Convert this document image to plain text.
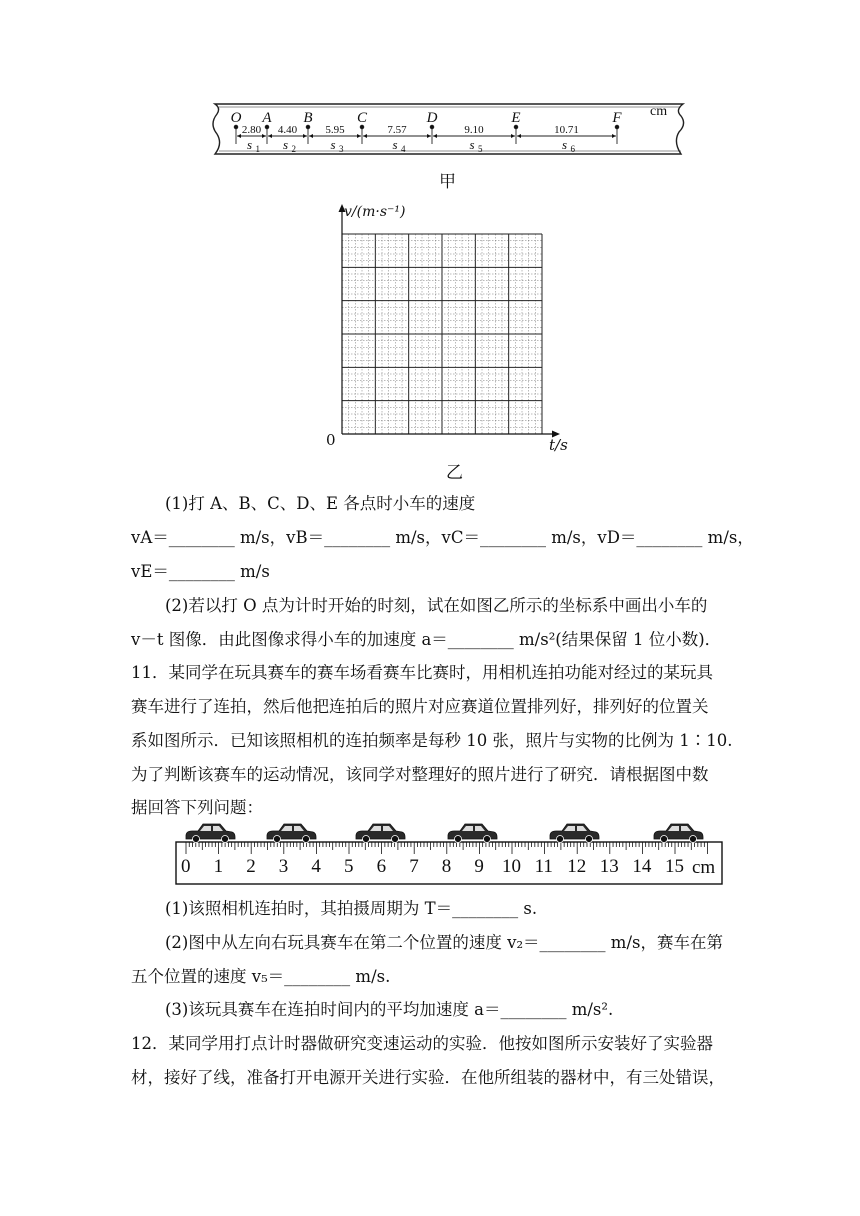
O A B	C	D	E	F
2.80
s 1
4.40
s 2
5.95
s 3
7.57
s 4
9.10
s 5
10.71
s 6
cm
甲
v/(m·s⁻¹)
0	t/s
乙
(1)打 A、B、C、D、E 各点时小车的速度
vA＝________ m/s，vB＝________ m/s，vC＝________ m/s，vD＝________ m/s，
vE＝________ m/s
(2)若以打 O 点为计时开始的时刻，试在如图乙所示的坐标系中画出小车的
v－t 图像．由此图像求得小车的加速度 a＝________ m/s²(结果保留 1 位小数)．
11．某同学在玩具赛车的赛车场看赛车比赛时，用相机连拍功能对经过的某玩具
赛车进行了连拍，然后他把连拍后的照片对应赛道位置排列好，排列好的位置关
系如图所示．已知该照相机的连拍频率是每秒 10 张，照片与实物的比例为 1∶10.
为了判断该赛车的运动情况，该同学对整理好的照片进行了研究．请根据图中数
据回答下列问题：
cm
(1)该照相机连拍时，其拍摄周期为 T＝________ s.
(2)图中从左向右玩具赛车在第二个位置的速度 v₂＝________ m/s，赛车在第
五个位置的速度 v₅＝________ m/s.
(3)该玩具赛车在连拍时间内的平均加速度 a＝________ m/s².
12．某同学用打点计时器做研究变速运动的实验．他按如图所示安装好了实验器
材，接好了线，准备打开电源开关进行实验．在他所组装的器材中，有三处错误，
0 1 2 3 4 5 6 7 8 9 10 11 12 13 14 15
